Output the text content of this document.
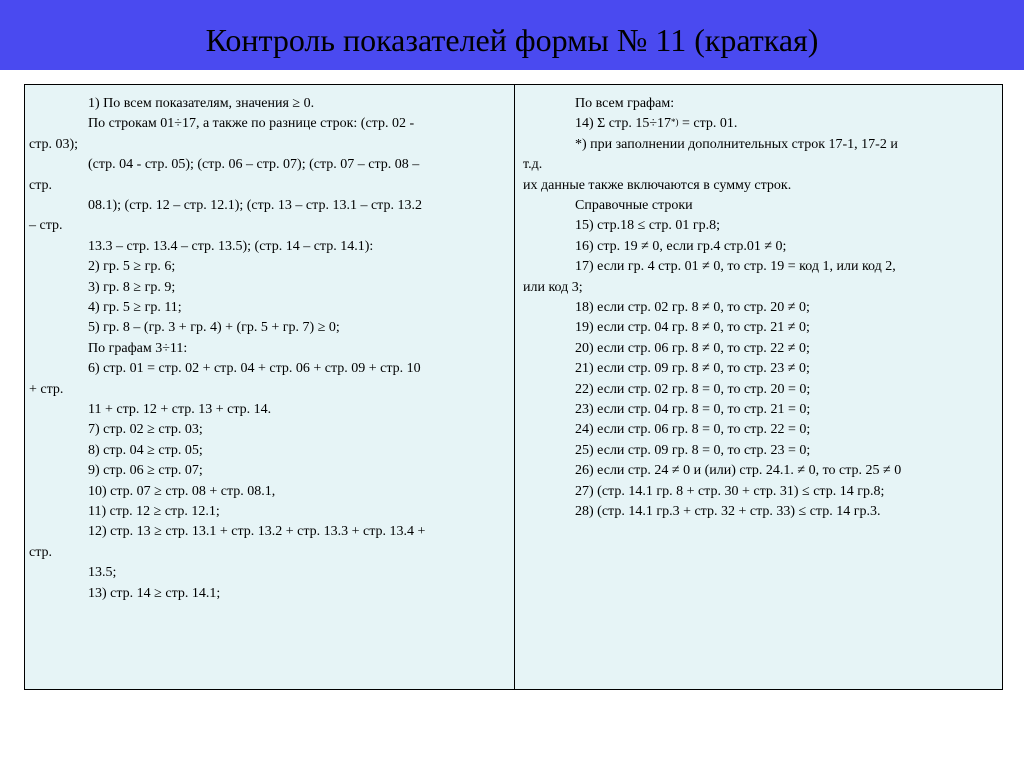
Контроль показателей формы № 11 (краткая)
1) По всем показателям, значения ≥ 0.
По строкам 01÷17, а также по разнице строк: (стр. 02 -
стр. 03);
(стр. 04 - стр. 05); (стр. 06 – стр. 07); (стр. 07 – стр. 08 –
стр.
08.1); (стр. 12 – стр. 12.1); (стр. 13 – стр. 13.1 – стр. 13.2
– стр.
13.3 – стр. 13.4 – стр. 13.5); (стр. 14 – стр. 14.1):
2) гр. 5 ≥ гр. 6;
3) гр. 8 ≥ гр. 9;
4) гр. 5 ≥ гр. 11;
5) гр. 8 – (гр. 3 + гр. 4) + (гр. 5 + гр. 7) ≥ 0;
По графам 3÷11:
6) стр. 01 = стр. 02 + стр. 04 + стр. 06 + стр. 09 + стр. 10
+ стр.
11 + стр. 12 + стр. 13 + стр. 14.
7) стр. 02 ≥ стр. 03;
8) стр. 04 ≥ стр. 05;
9) стр. 06 ≥ стр. 07;
10) стр. 07 ≥ стр. 08 + стр. 08.1,
11) стр. 12 ≥ стр. 12.1;
12) стр. 13 ≥ стр. 13.1 + стр. 13.2 + стр. 13.3 + стр. 13.4 +
стр.
13.5;
13) стр. 14 ≥ стр. 14.1;
По всем графам:
14) Σ стр. 15÷17*) = стр. 01.
*) при заполнении дополнительных строк 17-1, 17-2 и
т.д.
их данные также включаются в сумму строк.
Справочные строки
15) стр.18 ≤ стр. 01 гр.8;
16) стр. 19 ≠ 0, если гр.4 стр.01 ≠ 0;
17) если гр. 4 стр. 01 ≠ 0, то стр. 19 = код 1, или код 2,
или код 3;
18) если стр. 02 гр. 8 ≠ 0, то стр. 20 ≠ 0;
19) если стр. 04 гр. 8 ≠ 0, то стр. 21 ≠ 0;
20) если стр. 06 гр. 8 ≠ 0, то стр. 22 ≠ 0;
21) если стр. 09 гр. 8 ≠ 0, то стр. 23 ≠ 0;
22) если стр. 02 гр. 8 = 0, то стр. 20 = 0;
23) если стр. 04 гр. 8 = 0, то стр. 21 = 0;
24) если стр. 06 гр. 8 = 0, то стр. 22 = 0;
25) если стр. 09 гр. 8 = 0, то стр. 23 = 0;
26) если стр. 24 ≠ 0 и (или) стр. 24.1. ≠ 0, то стр. 25 ≠ 0
27) (стр. 14.1 гр. 8 + стр. 30 + стр. 31) ≤ стр. 14 гр.8;
28) (стр. 14.1 гр.3 + стр. 32 + стр. 33) ≤ стр. 14 гр.3.
